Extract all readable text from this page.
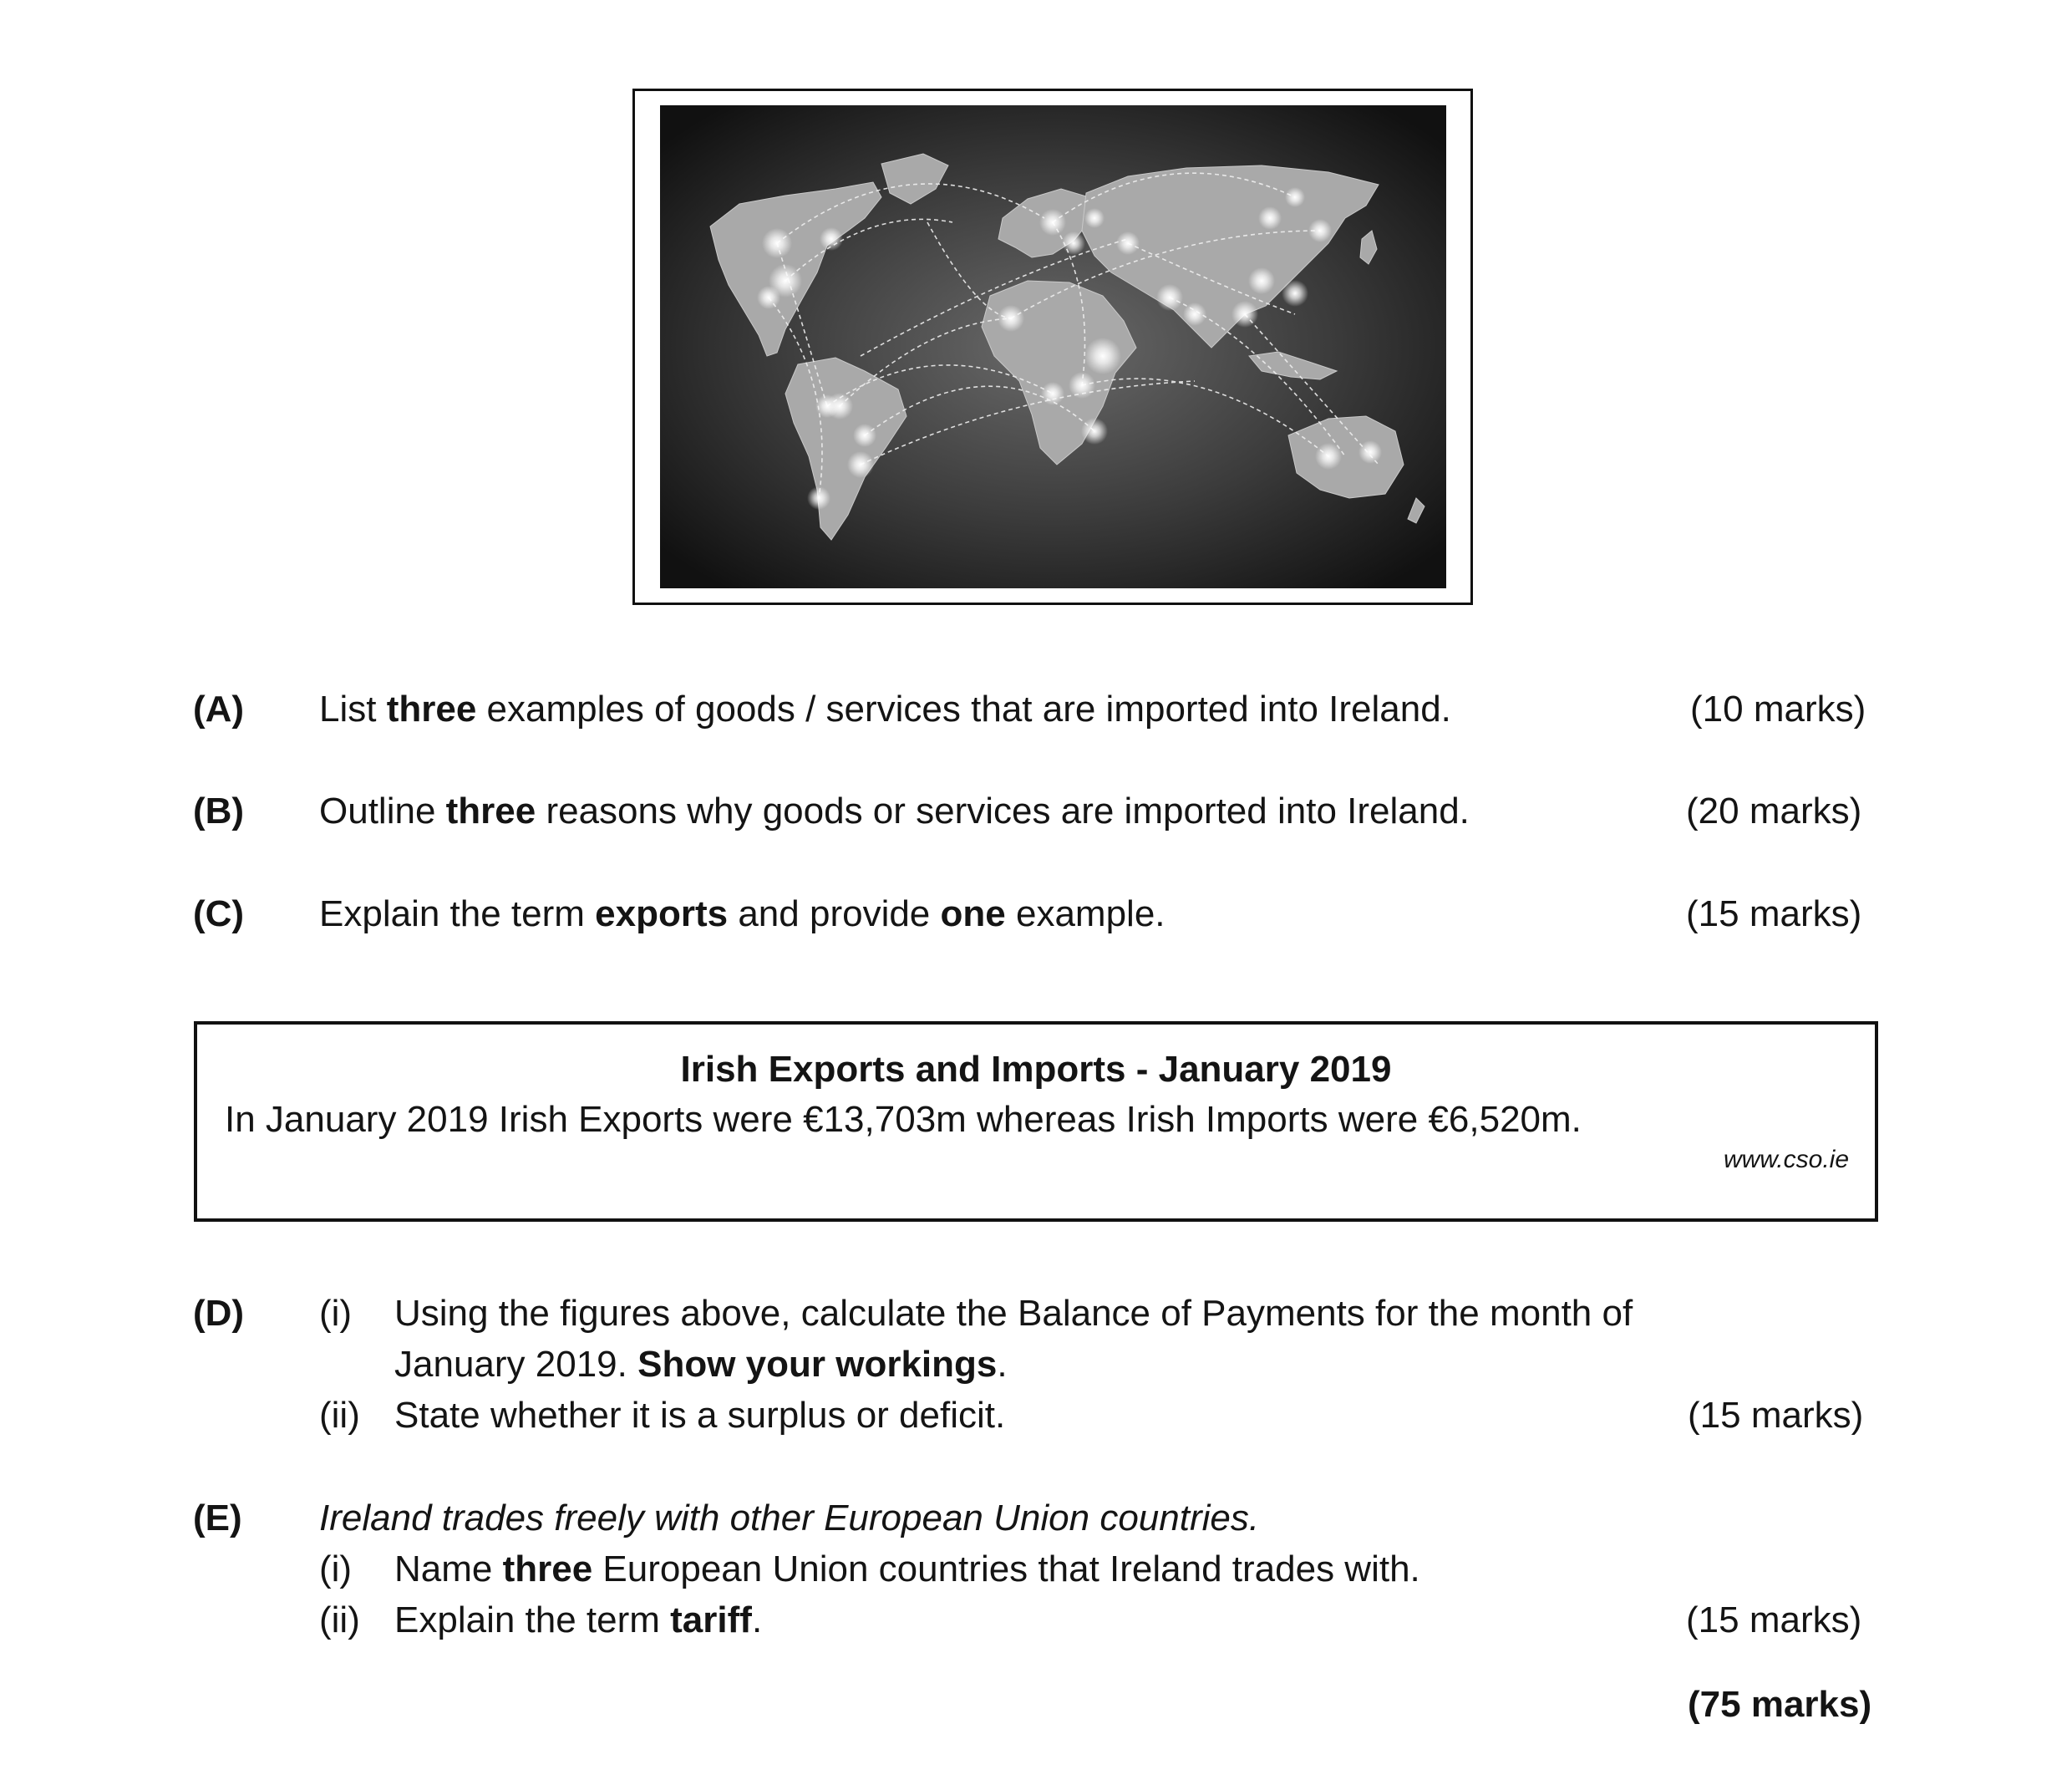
(A) List three examples of goods / services that are imported into Ireland.	(10 marks)
(B) Outline three reasons why goods or services are imported into Ireland.	(20 marks)
(C) Explain the term exports and provide one example.	(15 marks)
Irish Exports and Imports - January 2019
In January 2019 Irish Exports were €13,703m whereas Irish Imports were €6,520m.
www.cso.ie
(D) (i) Using the figures above, calculate the Balance of Payments for the month of
January 2019. Show your workings.
(ii) State whether it is a surplus or deficit.	(15 marks)
(E) Ireland trades freely with other European Union countries.
(i) Name three European Union countries that Ireland trades with.
(ii) Explain the term tariff.	(15 marks)
(75 marks)
